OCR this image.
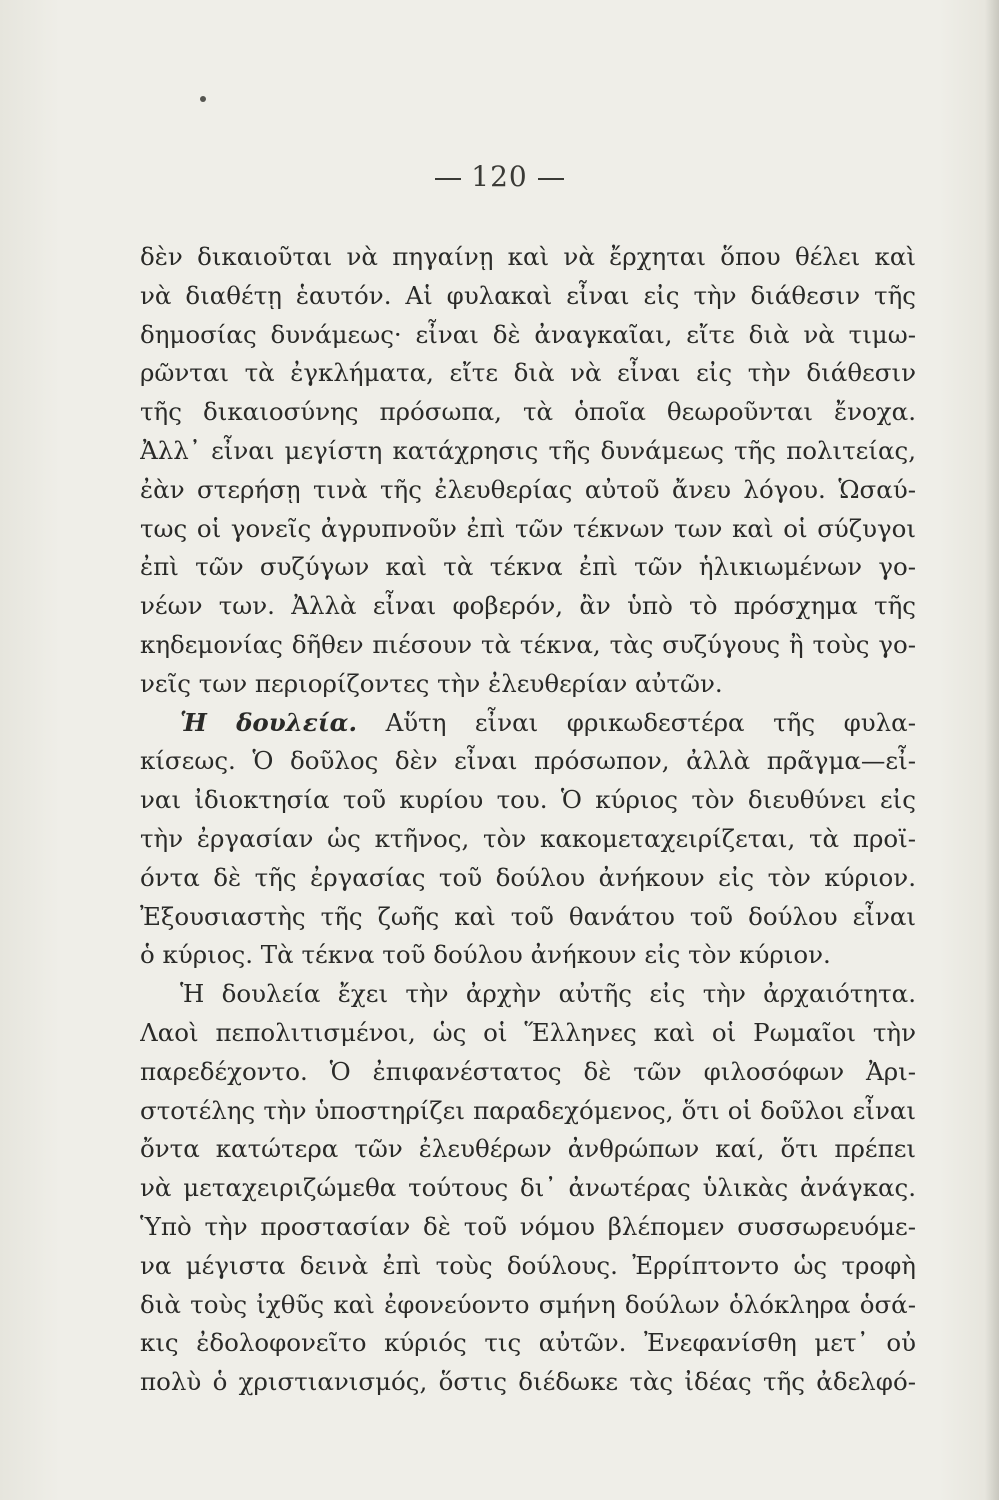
120
δὲν δικαιοῦται νὰ πηγαίνῃ καὶ νὰ ἔρχηται ὅπου θέλει καὶ
νὰ διαθέτῃ ἑαυτόν. Αἱ φυλακαὶ εἶναι εἰς τὴν διάθεσιν τῆς
δημοσίας δυνάμεως· εἶναι δὲ ἀναγκαῖαι, εἴτε διὰ νὰ τιμω-
ρῶνται τὰ ἐγκλήματα, εἴτε διὰ νὰ εἶναι εἰς τὴν διάθεσιν
τῆς δικαιοσύνης πρόσωπα, τὰ ὁποῖα θεωροῦνται ἔνοχα.
Ἀλλ᾽ εἶναι μεγίστη κατάχρησις τῆς δυνάμεως τῆς πολιτείας,
ἐὰν στερήσῃ τινὰ τῆς ἐλευθερίας αὐτοῦ ἄνευ λόγου. Ὡσαύ-
τως οἱ γονεῖς ἀγρυπνοῦν ἐπὶ τῶν τέκνων των καὶ οἱ σύζυγοι
ἐπὶ τῶν συζύγων καὶ τὰ τέκνα ἐπὶ τῶν ἡλικιωμένων γο-
νέων των. Ἀλλὰ εἶναι φοβερόν, ἂν ὑπὸ τὸ πρόσχημα τῆς
κηδεμονίας δῆθεν πιέσουν τὰ τέκνα, τὰς συζύγους ἢ τοὺς γο-
νεῖς των περιορίζοντες τὴν ἐλευθερίαν αὐτῶν.
Ἡ δουλεία. Αὕτη εἶναι φρικωδεστέρα τῆς φυλα-
κίσεως. Ὁ δοῦλος δὲν εἶναι πρόσωπον, ἀλλὰ πρᾶγμα—εἶ-
ναι ἰδιοκτησία τοῦ κυρίου του. Ὁ κύριος τὸν διευθύνει εἰς
τὴν ἐργασίαν ὡς κτῆνος, τὸν κακομεταχειρίζεται, τὰ προϊ-
όντα δὲ τῆς ἐργασίας τοῦ δούλου ἀνήκουν εἰς τὸν κύριον.
Ἐξουσιαστὴς τῆς ζωῆς καὶ τοῦ θανάτου τοῦ δούλου εἶναι
ὁ κύριος. Τὰ τέκνα τοῦ δούλου ἀνήκουν εἰς τὸν κύριον.
Ἡ δουλεία ἔχει τὴν ἀρχὴν αὐτῆς εἰς τὴν ἀρχαιότητα.
Λαοὶ πεπολιτισμένοι, ὡς οἱ Ἕλληνες καὶ οἱ Ρωμαῖοι τὴν
παρεδέχοντο. Ὁ ἐπιφανέστατος δὲ τῶν φιλοσόφων Ἀρι-
στοτέλης τὴν ὑποστηρίζει παραδεχόμενος, ὅτι οἱ δοῦλοι εἶναι
ὄντα κατώτερα τῶν ἐλευθέρων ἀνθρώπων καί, ὅτι πρέπει
νὰ μεταχειριζώμεθα τούτους δι᾽ ἀνωτέρας ὑλικὰς ἀνάγκας.
Ὑπὸ τὴν προστασίαν δὲ τοῦ νόμου βλέπομεν συσσωρευόμε-
να μέγιστα δεινὰ ἐπὶ τοὺς δούλους. Ἐρρίπτοντο ὡς τροφὴ
διὰ τοὺς ἰχθῦς καὶ ἐφονεύοντο σμήνη δούλων ὁλόκληρα ὁσά-
κις ἐδολοφονεῖτο κύριός τις αὐτῶν. Ἐνεφανίσθη μετ᾽ οὐ
πολὺ ὁ χριστιανισμός, ὅστις διέδωκε τὰς ἰδέας τῆς ἀδελφό-
